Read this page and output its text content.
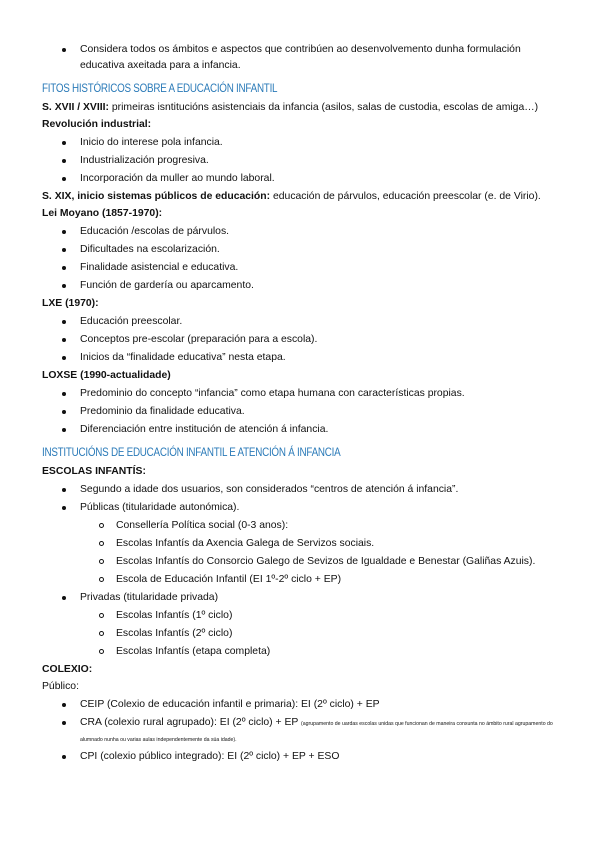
Considera todos os ámbitos e aspectos que contribúen ao desenvolvemento dunha formulación educativa axeitada para a infancia.
FITOS HISTÓRICOS SOBRE A EDUCACIÓN INFANTIL
S. XVII / XVIII: primeiras isntitucións asistenciais da infancia (asilos, salas de custodia, escolas de amiga…)
Revolución industrial:
Inicio do interese pola infancia.
Industrialización progresiva.
Incorporación da muller ao mundo laboral.
S. XIX, inicio sistemas públicos de educación: educación de párvulos, educación preescolar (e. de Virio).
Lei Moyano (1857-1970):
Educación /escolas de párvulos.
Dificultades na escolarización.
Finalidade asistencial e educativa.
Función de gardería ou aparcamento.
LXE (1970):
Educación preescolar.
Conceptos pre-escolar (preparación para a escola).
Inicios da “finalidade educativa” nesta etapa.
LOXSE (1990-actualidade)
Predominio do concepto “infancia” como etapa humana con características propias.
Predominio da finalidade educativa.
Diferenciación entre institución de atención á infancia.
INSTITUCIÓNS DE EDUCACIÓN INFANTIL E ATENCIÓN Á INFANCIA
ESCOLAS INFANTÍS:
Segundo a idade dos usuarios, son considerados “centros de atención á infancia”.
Públicas (titularidade autonómica).
Consellería Política social (0-3 anos):
Escolas Infantís da Axencia Galega de Servizos sociais.
Escolas Infantís do Consorcio Galego de Sevizos de Igualdade e Benestar (Galiñas Azuis).
Escola de Educación Infantil (EI 1º-2º ciclo + EP)
Privadas (titularidade privada)
Escolas Infantís (1º ciclo)
Escolas Infantís (2º ciclo)
Escolas Infantís (etapa completa)
COLEXIO:
Público:
CEIP (Colexio de educación infantil e primaria): EI (2º ciclo) + EP
CRA (colexio rural agrupado): EI (2º ciclo) + EP (agrupamento de uardas escolas unidas que funcionan de maneira conxunta no ámbito rural agrupamento do alumnado nunha ou varias aulas independentemente da súa idade).
CPI (colexio público integrado): EI (2º ciclo) + EP + ESO
